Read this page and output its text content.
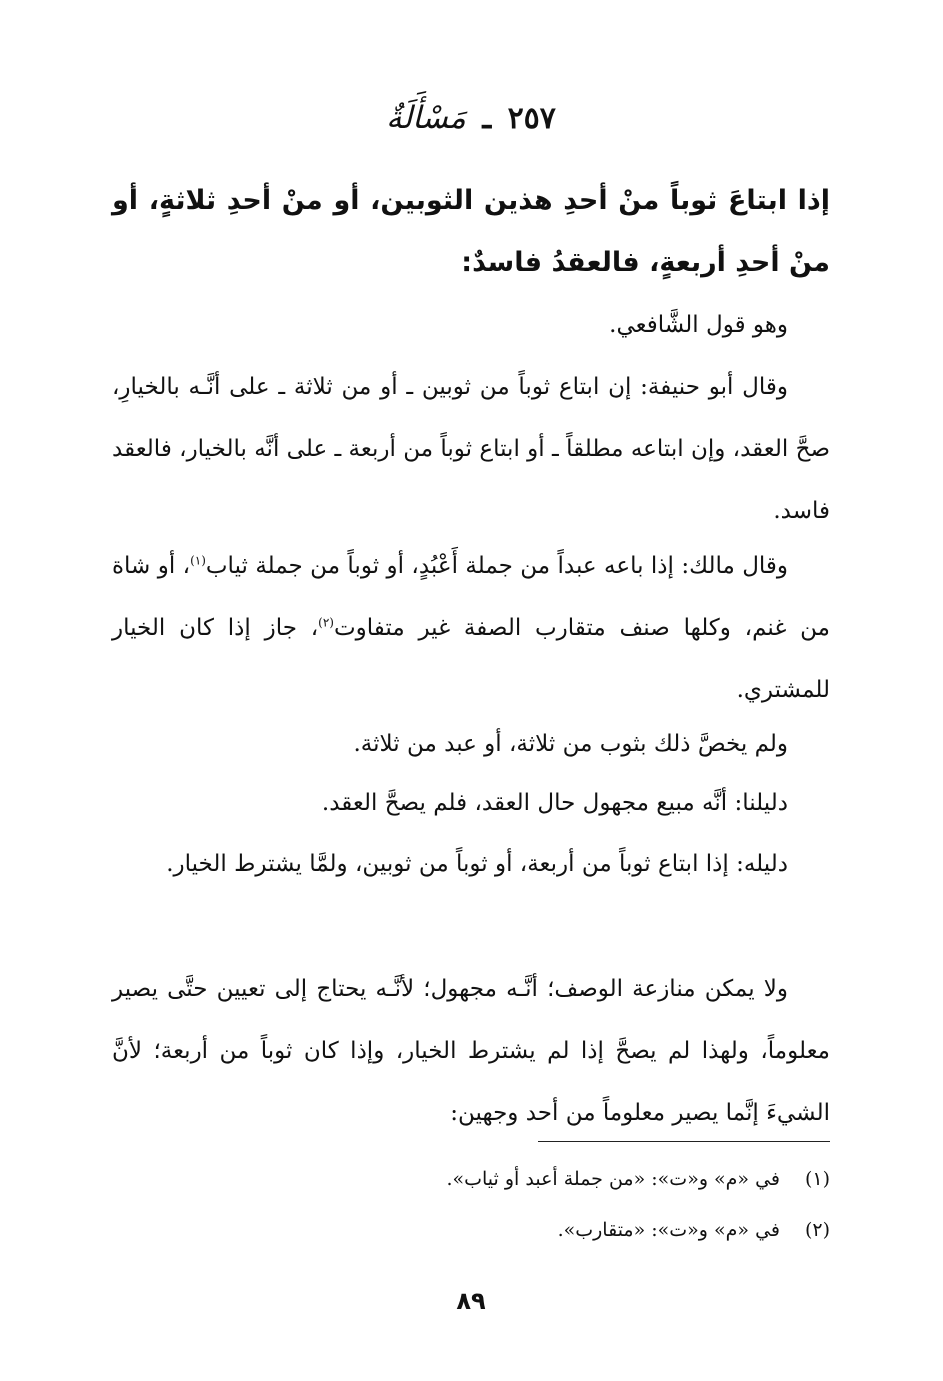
٢٥٧ ـ مَسْأَلَةٌ
إذا ابتاعَ ثوباً منْ أحدِ هذين الثوبين، أو منْ أحدِ ثلاثةٍ، أو منْ أحدِ أربعةٍ، فالعقدُ فاسدٌ:

وهو قول الشَّافعي.

وقال أبو حنيفة: إن ابتاع ثوباً من ثوبين ـ أو من ثلاثة ـ على أنَّـه بالخيارِ، صحَّ العقد، وإن ابتاعه مطلقاً ـ أو ابتاع ثوباً من أربعة ـ على أنَّه بالخيار، فالعقد فاسد.

وقال مالك: إذا باعه عبداً من جملة أَعْبُدٍ، أو ثوباً من جملة ثياب$^{(١)}$، أو شاة من غنم، وكلها صنف متقارب الصفة غير متفاوت$^{(٢)}$، جاز إذا كان الخيار للمشتري.

ولم يخصَّ ذلك بثوب من ثلاثة، أو عبد من ثلاثة.

دليلنا: أنَّه مبيع مجهول حال العقد، فلم يصحَّ العقد.

دليله: إذا ابتاع ثوباً من أربعة، أو ثوباً من ثوبين، ولمَّا يشترط الخيار.

ولا يمكن منازعة الوصف؛ أنَّـه مجهول؛ لأنَّـه يحتاج إلى تعيين حتَّى يصير معلوماً، ولهذا لم يصحَّ إذا لم يشترط الخيار، وإذا كان ثوباً من أربعة؛ لأنَّ الشيءَ إنَّما يصير معلوماً من أحد وجهين:

(١)في «م» و«ت»: «من جملة أعبد أو ثياب».
(٢)في «م» و«ت»: «متقارب».
٨٩
